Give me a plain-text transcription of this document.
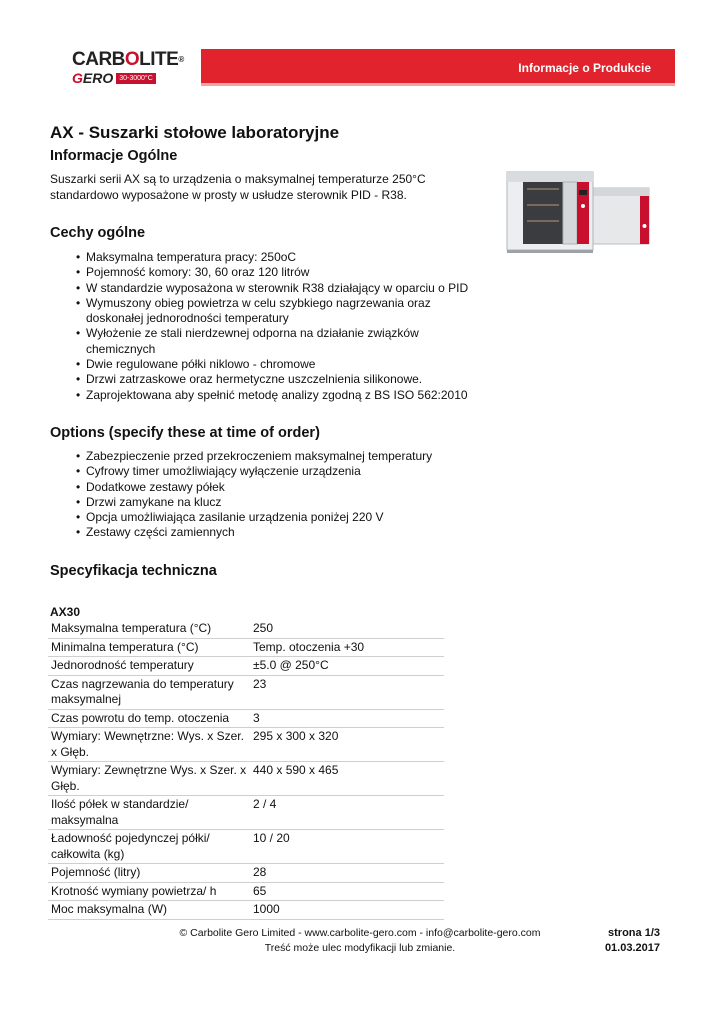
CARBOLITE®
GERO 30-3000°C
Informacje o Produkcie
AX - Suszarki stołowe laboratoryjne
Informacje Ogólne

Suszarki serii AX są to urządzenia o maksymalnej temperaturze 250°C standardowo wyposażone w prosty w usłudze sterownik PID - R38.

Cechy ogólne
• Maksymalna temperatura pracy: 250oC
• Pojemność komory: 30, 60 oraz 120 litrów
• W standardzie wyposażona w sterownik R38 działający w oparciu o PID
• Wymuszony obieg powietrza w celu szybkiego nagrzewania oraz doskonałej jednorodności temperatury
• Wyłożenie ze stali nierdzewnej odporna na działanie związków chemicznych
• Dwie regulowane półki niklowo - chromowe
• Drzwi zatrzaskowe oraz hermetyczne uszczelnienia silikonowe.
• Zaprojektowana aby spełnić metodę analizy zgodną z BS ISO 562:2010
Options (specify these at time of order)
• Zabezpieczenie przed przekroczeniem maksymalnej temperatury
• Cyfrowy timer umożliwiający wyłączenie urządzenia
• Dodatkowe zestawy półek
• Drzwi zamykane na klucz
• Opcja umożliwiająca zasilanie urządzenia poniżej 220 V
• Zestawy części zamiennych
Specyfikacja techniczna

AX30

Maksymalna temperatura (°C)	250
Minimalna temperatura (°C)	Temp. otoczenia +30
Jednorodność temperatury	±5.0 @ 250°C
Czas nagrzewania do temperatury maksymalnej	23
Czas powrotu do temp. otoczenia	3
Wymiary: Wewnętrzne: Wys. x Szer. x Głęb.	295 x 300 x 320
Wymiary: Zewnętrzne Wys. x Szer. x Głęb.	440 x 590 x 465
Ilość półek w standardzie/ maksymalna	2 / 4
Ładowność pojedynczej półki/ całkowita (kg)	10 / 20
Pojemność (litry)	28
Krotność wymiany powietrza/ h	65
Moc maksymalna (W)	1000
© Carbolite Gero Limited - www.carbolite-gero.com - info@carbolite-gero.com
Treść może ulec modyfikacji lub zmianie.
strona 1/3
01.03.2017
